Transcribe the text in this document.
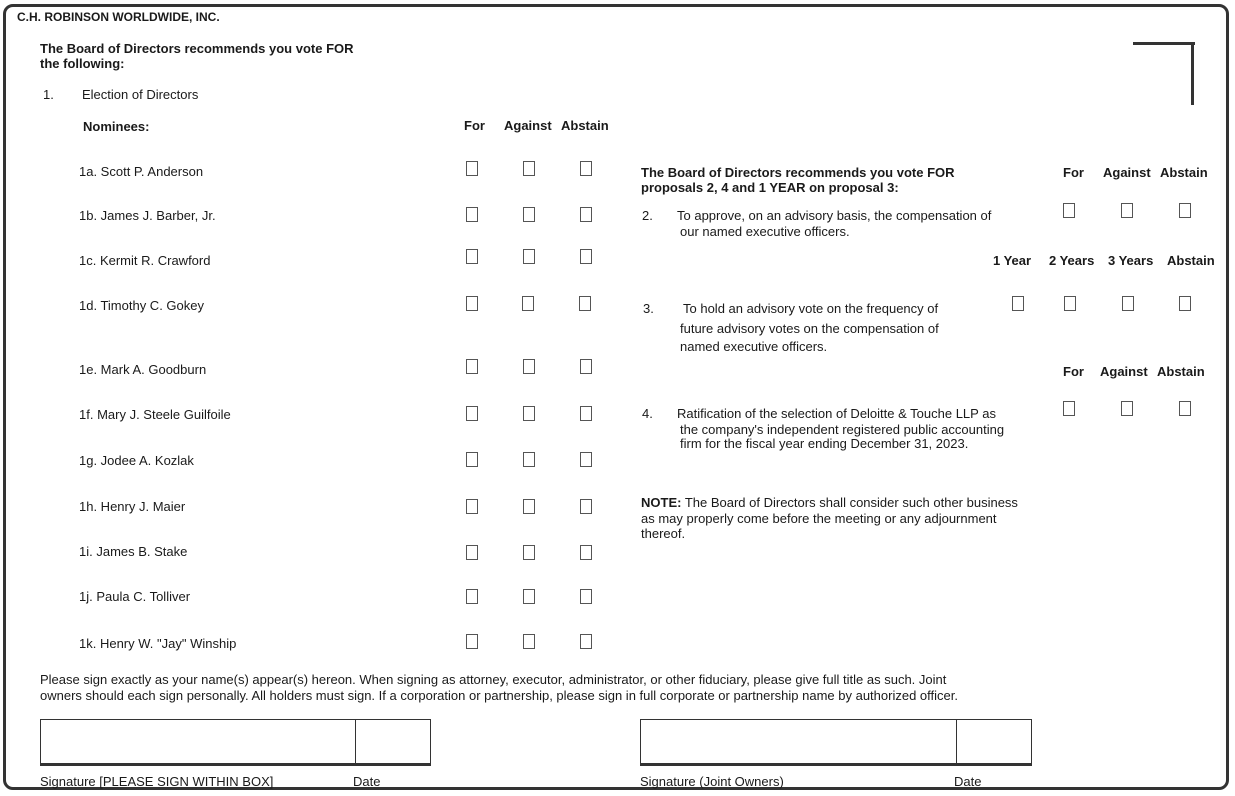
C.H. ROBINSON WORLDWIDE, INC.
The Board of Directors recommends you vote FOR
the following:
1. Election of Directors
Nominees:	For Against Abstain
1a. Scott P. Anderson
1b. James J. Barber, Jr.
1c. Kermit R. Crawford
1d. Timothy C. Gokey
1e. Mark A. Goodburn
1f. Mary J. Steele Guilfoile
1g. Jodee A. Kozlak
1h. Henry J. Maier
1i. James B. Stake
1j. Paula C. Tolliver
1k. Henry W. "Jay" Winship
The Board of Directors recommends you vote FOR
proposals 2, 4 and 1 YEAR on proposal 3:
For Against Abstain
2. To approve, on an advisory basis, the compensation of
our named executive officers.
1 Year 2 Years 3 Years Abstain
3. To hold an advisory vote on the frequency of
future advisory votes on the compensation of
named executive officers.
For Against Abstain
4. Ratification of the selection of Deloitte & Touche LLP as
the company's independent registered public accounting
firm for the fiscal year ending December 31, 2023.
NOTE: The Board of Directors shall consider such other business
as may properly come before the meeting or any adjournment
thereof.
Please sign exactly as your name(s) appear(s) hereon. When signing as attorney, executor, administrator, or other fiduciary, please give full title as such. Joint
owners should each sign personally. All holders must sign. If a corporation or partnership, please sign in full corporate or partnership name by authorized officer.
Signature [PLEASE SIGN WITHIN BOX]	Date	Signature (Joint Owners)	Date
